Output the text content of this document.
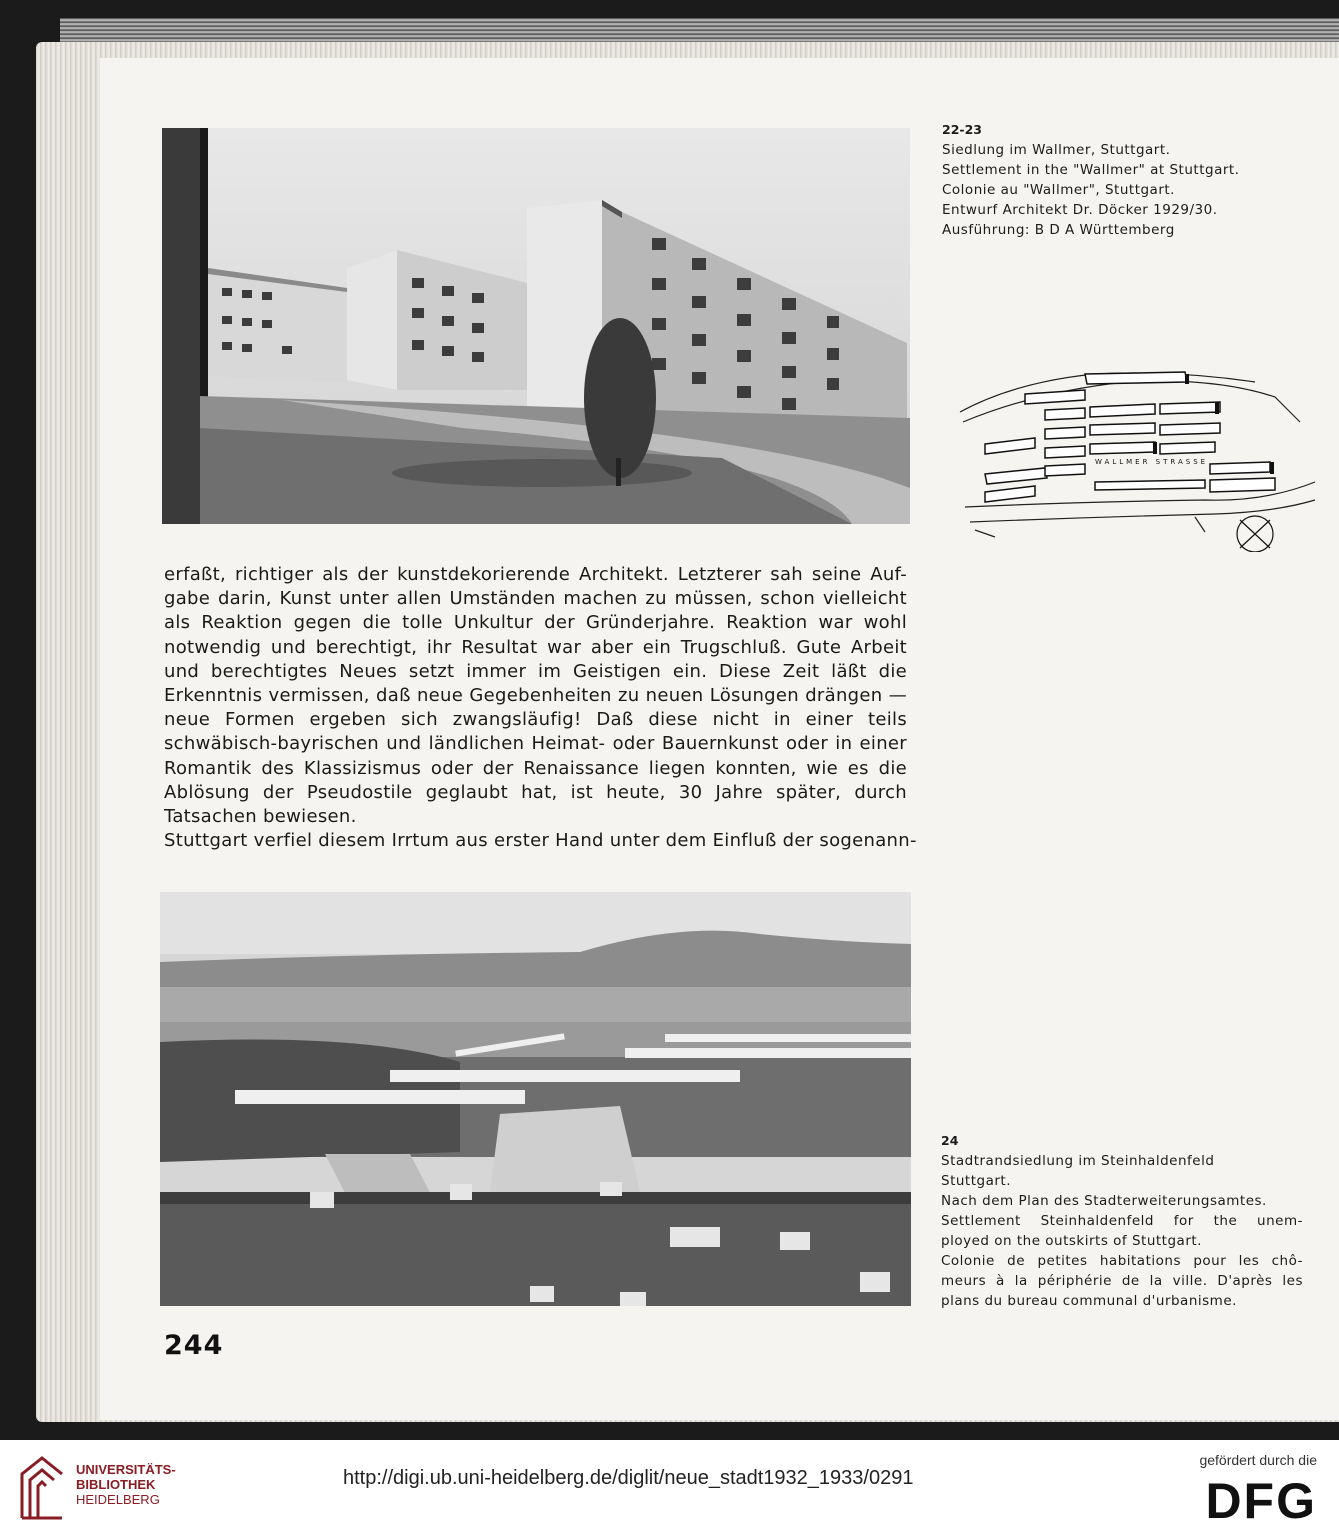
22-23
Siedlung im Wallmer, Stuttgart.
Settlement in the "Wallmer" at Stuttgart.
Colonie au "Wallmer", Stuttgart.
Entwurf Architekt Dr. Döcker 1929/30.
Ausführung: B D A Württemberg
WALLMER STRASSE
erfaßt, richtiger als der kunstdekorierende Architekt. Letzterer sah seine Auf-
gabe darin, Kunst unter allen Umständen machen zu müssen, schon vielleicht
als Reaktion gegen die tolle Unkultur der Gründerjahre. Reaktion war wohl
notwendig und berechtigt, ihr Resultat war aber ein Trugschluß. Gute Arbeit
und berechtigtes Neues setzt immer im Geistigen ein. Diese Zeit läßt die
Erkenntnis vermissen, daß neue Gegebenheiten zu neuen Lösungen drängen —
neue Formen ergeben sich zwangsläufig! Daß diese nicht in einer teils
schwäbisch-bayrischen und ländlichen Heimat- oder Bauernkunst oder in einer
Romantik des Klassizismus oder der Renaissance liegen konnten, wie es die
Ablösung der Pseudostile geglaubt hat, ist heute, 30 Jahre später, durch
Tatsachen bewiesen.
Stuttgart verfiel diesem Irrtum aus erster Hand unter dem Einfluß der sogenann-
24
Stadtrandsiedlung im Steinhaldenfeld
Stuttgart.
Nach dem Plan des Stadterweiterungsamtes.
Settlement Steinhaldenfeld for the unem-
ployed on the outskirts of Stuttgart.
Colonie de petites habitations pour les chô-
meurs à la périphérie de la ville. D'après les
plans du bureau communal d'urbanisme.
244
UNIVERSITÄTS-
BIBLIOTHEK
HEIDELBERG
http://digi.ub.uni-heidelberg.de/diglit/neue_stadt1932_1933/0291
gefördert durch die
DFG
